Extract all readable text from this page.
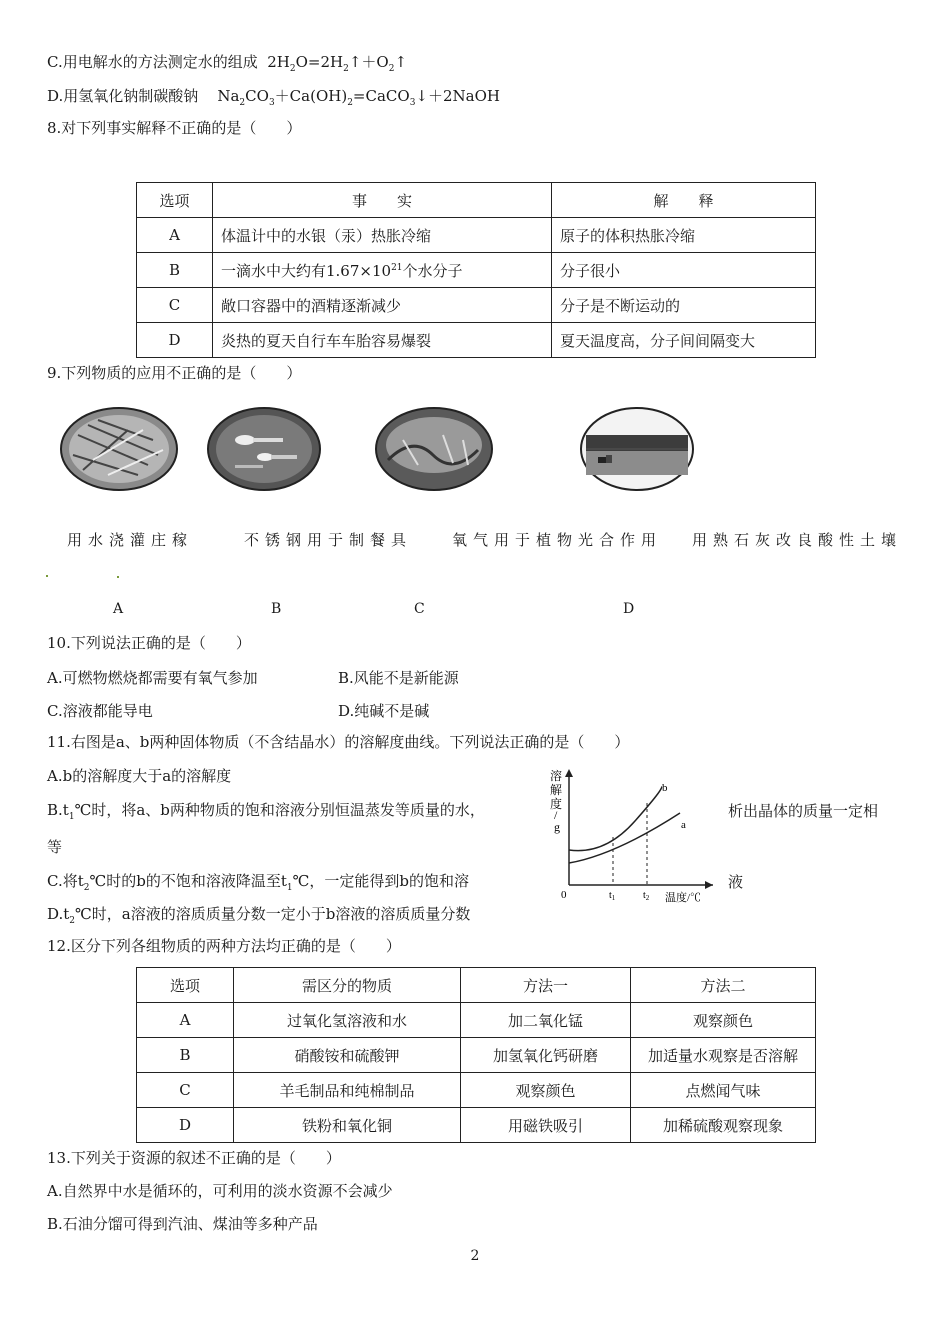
C.用电解水的方法测定水的组成 $2H_2O=2H_2↑+O_2↑$
D.用氢氧化钠制碳酸钠 $Na_2CO_3+Ca(OH)_2=CaCO_3↓+2NaOH$
8.对下列事实解释不正确的是（　　）
选项	事　　实	解　　释
A	体温计中的水银（汞）热胀冷缩	原子的体积热胀冷缩
B	一滴水中大约有$1.67\times 10^{21}$个水分子	分子很小
C	敞口容器中的酒精逐渐减少	分子是不断运动的
D	炎热的夏天自行车车胎容易爆裂	夏天温度高，分子间间隔变大
9.下列物质的应用不正确的是（　　）
用水浇灌庄稼	不锈钢用于制餐具	氧气用于植物光合作用 用熟石灰改良酸性土壤
A	B	C	D
10.下列说法正确的是（　　）
A.可燃物燃烧都需要有氧气参加	B.风能不是新能源
C.溶液都能导电	D.纯碱不是碱
11.右图是a、b两种固体物质（不含结晶水）的溶解度曲线。下列说法正确的是（　　）
A.b的溶解度大于a的溶解度
$B.t_1℃$时，将a、b两种物质的饱和溶液分别恒温蒸发等质量的水，	析出晶体的质量一定相
等
C.将$t_2℃$时的b的不饱和溶液降温至$t_1℃$，一定能得到b的饱和溶	液
$D.t_2℃$时，a溶液的溶质质量分数一定小于b溶液的溶质质量分数
溶
解
度
/
g
0	$t_1$	$t_2$ 温度/℃
a
b
12.区分下列各组物质的两种方法均正确的是（　　）
选项	需区分的物质	方法一	方法二
A	过氧化氢溶液和水	加二氧化锰	观察颜色
B	硝酸铵和硫酸钾	加氢氧化钙研磨	加适量水观察是否溶解
C	羊毛制品和纯棉制品	观察颜色	点燃闻气味
D	铁粉和氧化铜	用磁铁吸引	加稀硫酸观察现象
13.下列关于资源的叙述不正确的是（　　）
A.自然界中水是循环的，可利用的淡水资源不会减少
B.石油分馏可得到汽油、煤油等多种产品
2
